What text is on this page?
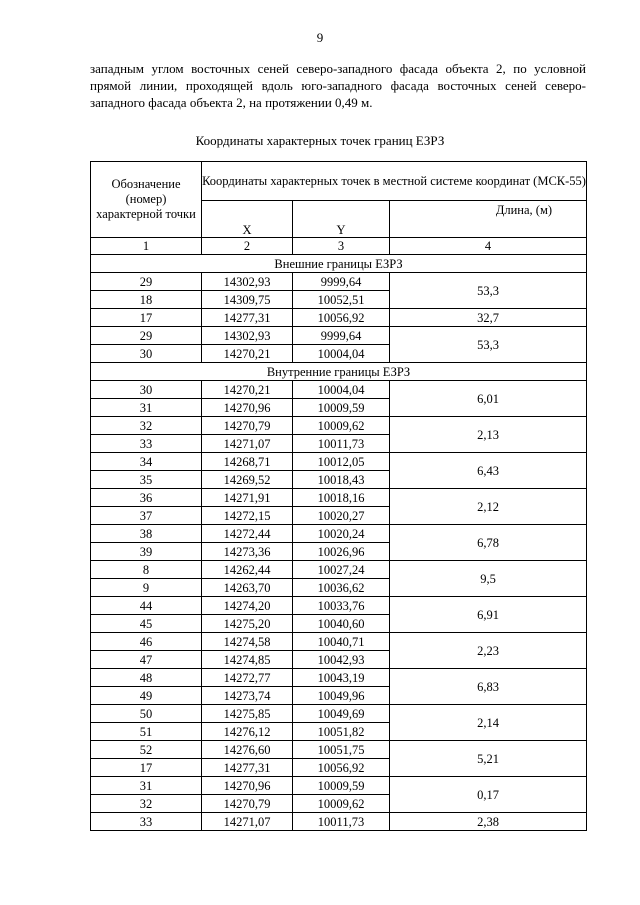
9
западным углом восточных сеней северо-западного фасада объекта 2, по условной прямой линии, проходящей вдоль юго-западного фасада восточных сеней северо-западного фасада объекта 2, на протяжении 0,49 м.
Координаты характерных точек границ ЕЗРЗ
Обозначение (номер) характерной точки	Координаты характерных точек в местной системе координат (МСК-55)		
	X	Y	Длина, (м)
1	2	3	4
Внешние границы ЕЗРЗ			
29	14302,93	9999,64	53,3
18	14309,75	10052,51	
17	14277,31	10056,92	32,7
29	14302,93	9999,64	53,3
30	14270,21	10004,04	
Внутренние границы ЕЗРЗ			
30	14270,21	10004,04	6,01
31	14270,96	10009,59	
32	14270,79	10009,62	2,13
33	14271,07	10011,73	
34	14268,71	10012,05	6,43
35	14269,52	10018,43	
36	14271,91	10018,16	2,12
37	14272,15	10020,27	
38	14272,44	10020,24	6,78
39	14273,36	10026,96	
8	14262,44	10027,24	9,5
9	14263,70	10036,62	
44	14274,20	10033,76	6,91
45	14275,20	10040,60	
46	14274,58	10040,71	2,23
47	14274,85	10042,93	
48	14272,77	10043,19	6,83
49	14273,74	10049,96	
50	14275,85	10049,69	2,14
51	14276,12	10051,82	
52	14276,60	10051,75	5,21
17	14277,31	10056,92	
31	14270,96	10009,59	0,17
32	14270,79	10009,62	
33	14271,07	10011,73	2,38
